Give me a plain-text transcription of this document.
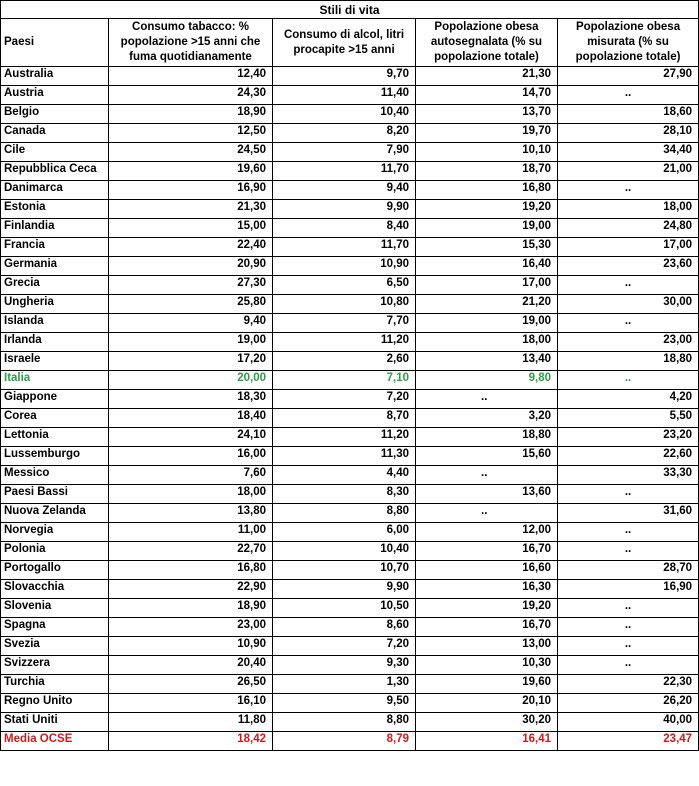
Stili di vita				
Paesi	Consumo tabacco: % popolazione >15 anni che fuma quotidianamente	Consumo di alcol, litri procapite >15 anni	Popolazione obesa autosegnalata (% su popolazione totale)	Popolazione obesa misurata (% su popolazione totale)
Australia	12,40	9,70	21,30	27,90
Austria	24,30	11,40	14,70	..
Belgio	18,90	10,40	13,70	18,60
Canada	12,50	8,20	19,70	28,10
Cile	24,50	7,90	10,10	34,40
Repubblica Ceca	19,60	11,70	18,70	21,00
Danimarca	16,90	9,40	16,80	..
Estonia	21,30	9,90	19,20	18,00
Finlandia	15,00	8,40	19,00	24,80
Francia	22,40	11,70	15,30	17,00
Germania	20,90	10,90	16,40	23,60
Grecia	27,30	6,50	17,00	..
Ungheria	25,80	10,80	21,20	30,00
Islanda	9,40	7,70	19,00	..
Irlanda	19,00	11,20	18,00	23,00
Israele	17,20	2,60	13,40	18,80
Italia	20,00	7,10	9,80	..
Giappone	18,30	7,20	..	4,20
Corea	18,40	8,70	3,20	5,50
Lettonia	24,10	11,20	18,80	23,20
Lussemburgo	16,00	11,30	15,60	22,60
Messico	7,60	4,40	..	33,30
Paesi Bassi	18,00	8,30	13,60	..
Nuova Zelanda	13,80	8,80	..	31,60
Norvegia	11,00	6,00	12,00	..
Polonia	22,70	10,40	16,70	..
Portogallo	16,80	10,70	16,60	28,70
Slovacchia	22,90	9,90	16,30	16,90
Slovenia	18,90	10,50	19,20	..
Spagna	23,00	8,60	16,70	..
Svezia	10,90	7,20	13,00	..
Svizzera	20,40	9,30	10,30	..
Turchia	26,50	1,30	19,60	22,30
Regno Unito	16,10	9,50	20,10	26,20
Stati Uniti	11,80	8,80	30,20	40,00
Media OCSE	18,42	8,79	16,41	23,47
